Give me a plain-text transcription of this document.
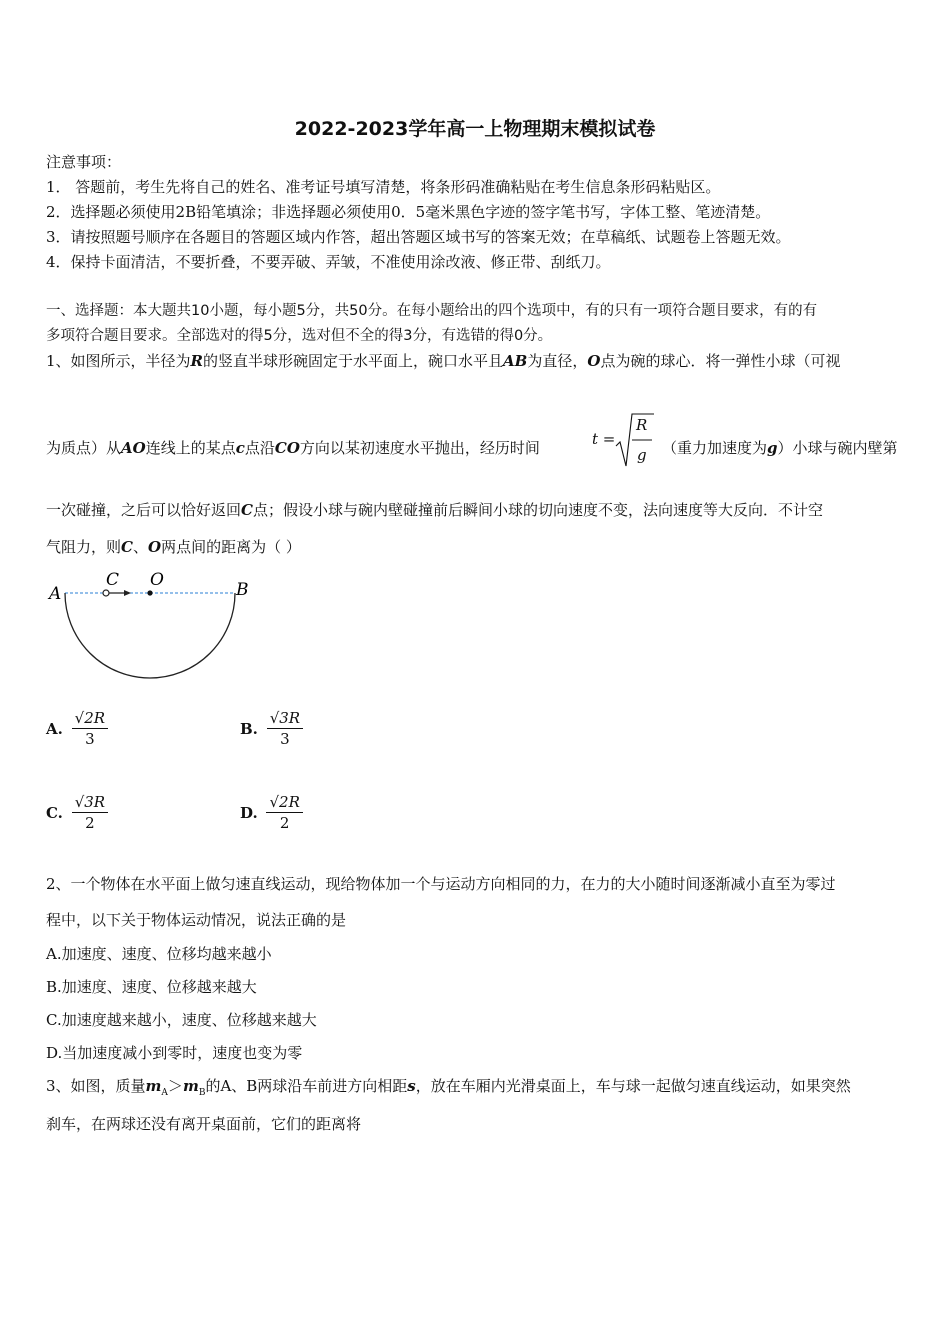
2022-2023学年高一上物理期末模拟试卷
注意事项：
1． 答题前，考生先将自己的姓名、准考证号填写清楚，将条形码准确粘贴在考生信息条形码粘贴区。
2．选择题必须使用2B铅笔填涂；非选择题必须使用0．5毫米黑色字迹的签字笔书写，字体工整、笔迹清楚。
3．请按照题号顺序在各题目的答题区域内作答，超出答题区域书写的答案无效；在草稿纸、试题卷上答题无效。
4．保持卡面清洁，不要折叠，不要弄破、弄皱，不准使用涂改液、修正带、刮纸刀。
一、选择题：本大题共10小题，每小题5分，共50分。在每小题给出的四个选项中，有的只有一项符合题目要求，有的有
多项符合题目要求。全部选对的得5分，选对但不全的得3分，有选错的得0分。
1、如图所示，半径为R的竖直半球形碗固定于水平面上，碗口水平且AB为直径，O点为碗的球心．将一弹性小球（可视
为质点）从AO连线上的某点c点沿CO方向以某初速度水平抛出，经历时间	t =
R
g （重力加速度为g）小球与碗内壁第
一次碰撞，之后可以恰好返回C点；假设小球与碗内壁碰撞前后瞬间小球的切向速度不变，法向速度等大反向．不计空
气阻力，则C、O两点间的距离为（ ）
A	B
C O
A. $\frac{√2R}{3}$	B. $\frac{√3R}{3}$
C. $\frac{√3R}{2}$	D. $\frac{√2R}{2}$
2、一个物体在水平面上做匀速直线运动，现给物体加一个与运动方向相同的力，在力的大小随时间逐渐减小直至为零过
程中，以下关于物体运动情况，说法正确的是
A.加速度、速度、位移均越来越小
B.加速度、速度、位移越来越大
C.加速度越来越小，速度、位移越来越大
D.当加速度减小到零时，速度也变为零
3、如图，质量$m_A>m_B$的A、B两球沿车前进方向相距s，放在车厢内光滑桌面上，车与球一起做匀速直线运动，如果突然
刹车，在两球还没有离开桌面前，它们的距离将
